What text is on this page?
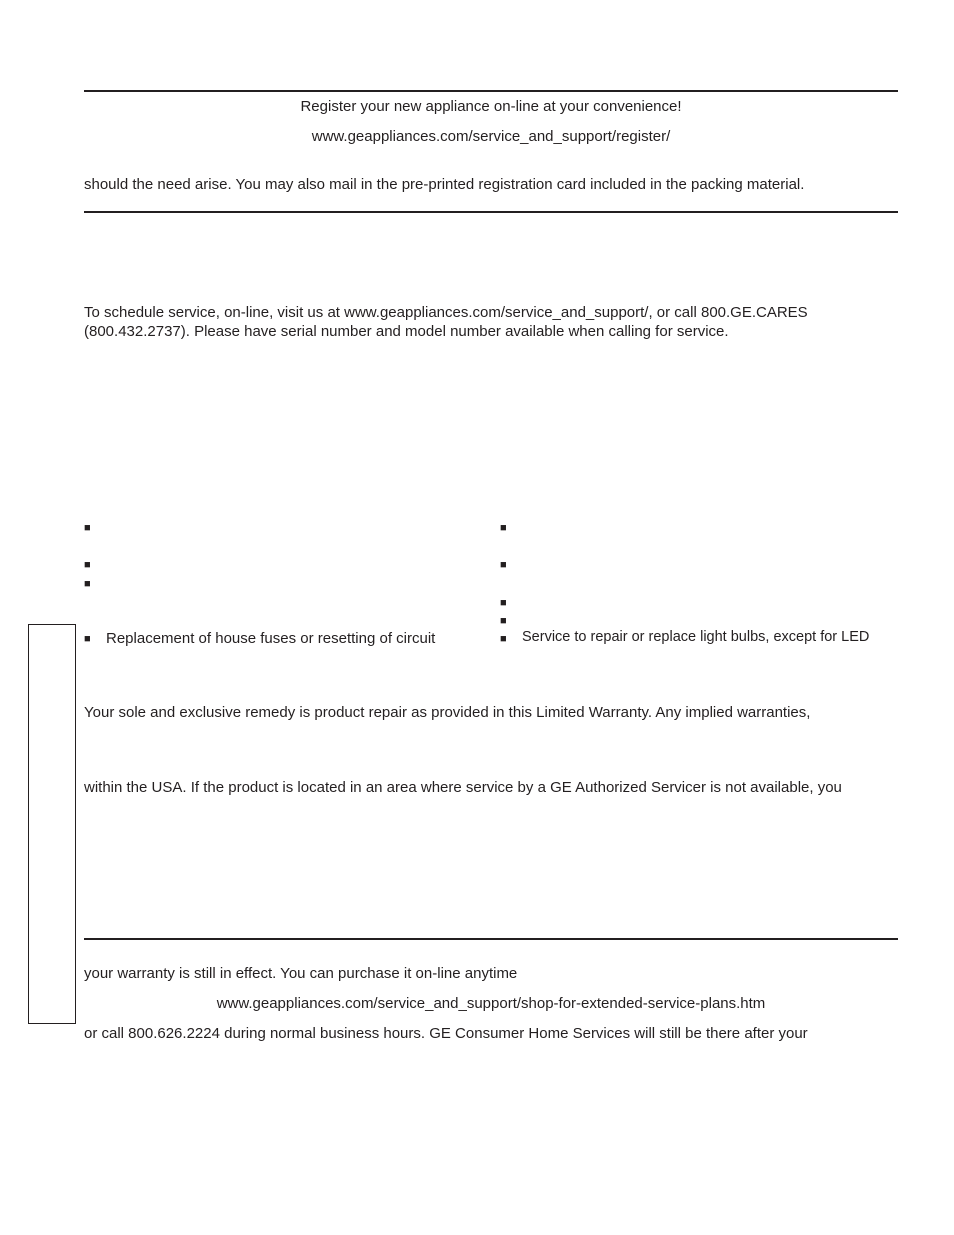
Register your new appliance on-line at your convenience!
www.geappliances.com/service_and_support/register/
should the need arise. You may also mail in the pre-printed registration card included in the packing material.
To schedule service, on-line, visit us at www.geappliances.com/service_and_support/, or call 800.GE.CARES
(800.432.2737). Please have serial number and model number available when calling for service.
■
■
■
■ Replacement of house fuses or resetting of circuit
■
■
■
■
■ Service to repair or replace light bulbs, except for LED
Your sole and exclusive remedy is product repair as provided in this Limited Warranty. Any implied warranties,
within the USA. If the product is located in an area where service by a GE Authorized Servicer is not available, you
your warranty is still in effect. You can purchase it on-line anytime
www.geappliances.com/service_and_support/shop-for-extended-service-plans.htm
or call 800.626.2224 during normal business hours. GE Consumer Home Services will still be there after your
